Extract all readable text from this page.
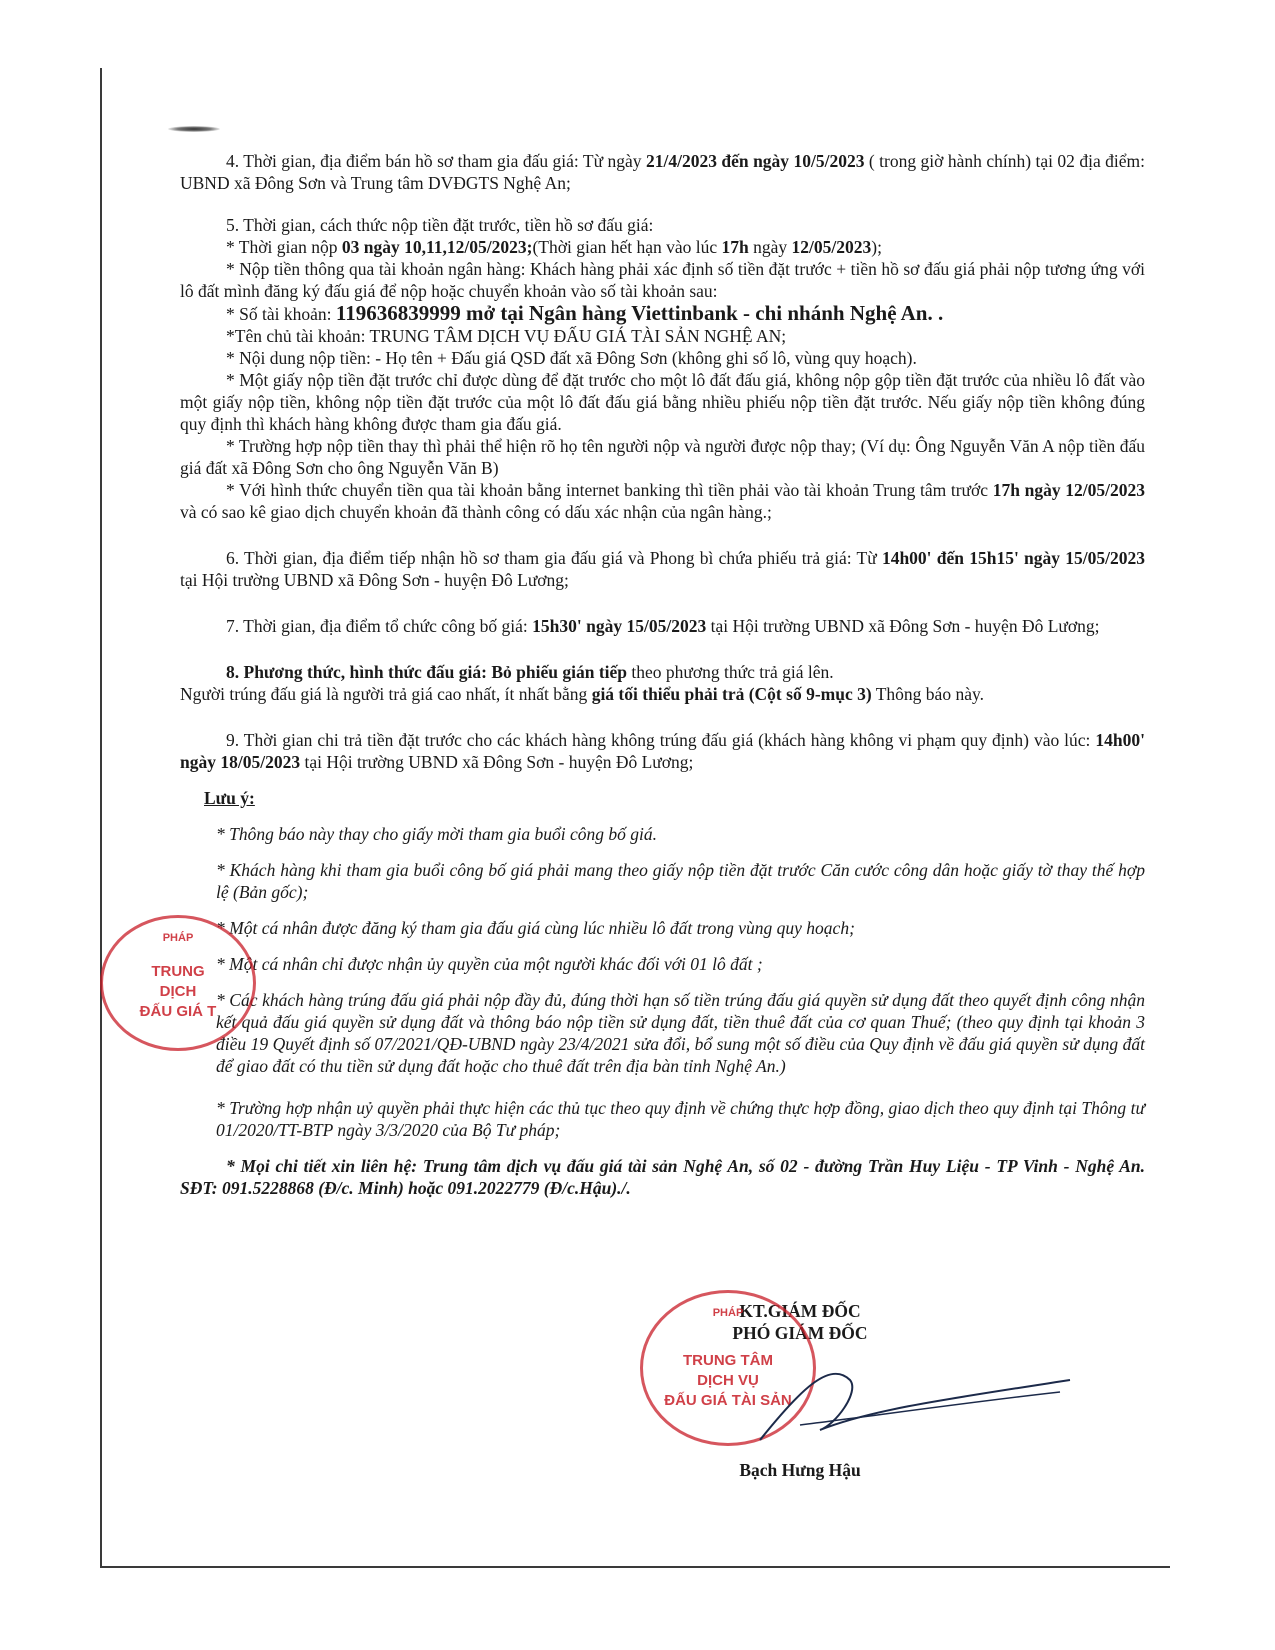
4. Thời gian, địa điểm bán hồ sơ tham gia đấu giá: Từ ngày 21/4/2023 đến ngày 10/5/2023 ( trong giờ hành chính) tại 02 địa điểm: UBND xã Đông Sơn và Trung tâm DVĐGTS Nghệ An;

5. Thời gian, cách thức nộp tiền đặt trước, tiền hồ sơ đấu giá:

* Thời gian nộp 03 ngày 10,11,12/05/2023;(Thời gian hết hạn vào lúc 17h ngày 12/05/2023);

* Nộp tiền thông qua tài khoản ngân hàng: Khách hàng phải xác định số tiền đặt trước + tiền hồ sơ đấu giá phải nộp tương ứng với lô đất mình đăng ký đấu giá để nộp hoặc chuyển khoản vào số tài khoản sau:

* Số tài khoản: 119636839999 mở tại Ngân hàng Viettinbank - chi nhánh Nghệ An. .

*Tên chủ tài khoản: TRUNG TÂM DỊCH VỤ ĐẤU GIÁ TÀI SẢN NGHỆ AN;

* Nội dung nộp tiền: - Họ tên + Đấu giá QSD đất xã Đông Sơn (không ghi số lô, vùng quy hoạch).

* Một giấy nộp tiền đặt trước chỉ được dùng để đặt trước cho một lô đất đấu giá, không nộp gộp tiền đặt trước của nhiều lô đất vào một giấy nộp tiền, không nộp tiền đặt trước của một lô đất đấu giá bằng nhiều phiếu nộp tiền đặt trước. Nếu giấy nộp tiền không đúng quy định thì khách hàng không được tham gia đấu giá.

* Trường hợp nộp tiền thay thì phải thể hiện rõ họ tên người nộp và người được nộp thay; (Ví dụ: Ông Nguyễn Văn A nộp tiền đấu giá đất xã Đông Sơn cho ông Nguyễn Văn B)

* Với hình thức chuyển tiền qua tài khoản bằng internet banking thì tiền phải vào tài khoản Trung tâm trước 17h ngày 12/05/2023 và có sao kê giao dịch chuyển khoản đã thành công có dấu xác nhận của ngân hàng.;

6. Thời gian, địa điểm tiếp nhận hồ sơ tham gia đấu giá và Phong bì chứa phiếu trả giá: Từ 14h00' đến 15h15' ngày 15/05/2023 tại Hội trường UBND xã Đông Sơn - huyện Đô Lương;

7. Thời gian, địa điểm tổ chức công bố giá: 15h30' ngày 15/05/2023 tại Hội trường UBND xã Đông Sơn - huyện Đô Lương;

8. Phương thức, hình thức đấu giá: Bỏ phiếu gián tiếp theo phương thức trả giá lên.

Người trúng đấu giá là người trả giá cao nhất, ít nhất bằng giá tối thiểu phải trả (Cột số 9-mục 3) Thông báo này.

9. Thời gian chi trả tiền đặt trước cho các khách hàng không trúng đấu giá (khách hàng không vi phạm quy định) vào lúc: 14h00' ngày 18/05/2023 tại Hội trường UBND xã Đông Sơn - huyện Đô Lương;

Lưu ý:

* Thông báo này thay cho giấy mời tham gia buổi công bố giá.

* Khách hàng khi tham gia buổi công bố giá phải mang theo giấy nộp tiền đặt trước Căn cước công dân hoặc giấy tờ thay thế hợp lệ (Bản gốc);

* Một cá nhân được đăng ký tham gia đấu giá cùng lúc nhiều lô đất trong vùng quy hoạch;

* Một cá nhân chỉ được nhận ủy quyền của một người khác đối với 01 lô đất ;

* Các khách hàng trúng đấu giá phải nộp đầy đủ, đúng thời hạn số tiền trúng đấu giá quyền sử dụng đất theo quyết định công nhận kết quả đấu giá quyền sử dụng đất và thông báo nộp tiền sử dụng đất, tiền thuê đất của cơ quan Thuế; (theo quy định tại khoản 3 điều 19 Quyết định số 07/2021/QĐ-UBND ngày 23/4/2021 sửa đổi, bổ sung một số điều của Quy định về đấu giá quyền sử dụng đất để giao đất có thu tiền sử dụng đất hoặc cho thuê đất trên địa bàn tỉnh Nghệ An.)

* Trường hợp nhận uỷ quyền phải thực hiện các thủ tục theo quy định về chứng thực hợp đồng, giao dịch theo quy định tại Thông tư 01/2020/TT-BTP ngày 3/3/2020 của Bộ Tư pháp;

* Mọi chi tiết xin liên hệ: Trung tâm dịch vụ đấu giá tài sản Nghệ An, số 02 - đường Trần Huy Liệu - TP Vinh - Nghệ An. SĐT: 091.5228868 (Đ/c. Minh) hoặc 091.2022779 (Đ/c.Hậu)./.

PHÁP
TRUNG
DỊCH
ĐẤU GIÁ T
KT.GIÁM ĐỐC
PHÓ GIÁM ĐỐC
PHÁP
TRUNG TÂM
DỊCH VỤ
ĐẤU GIÁ TÀI SẢN
Bạch Hưng Hậu
